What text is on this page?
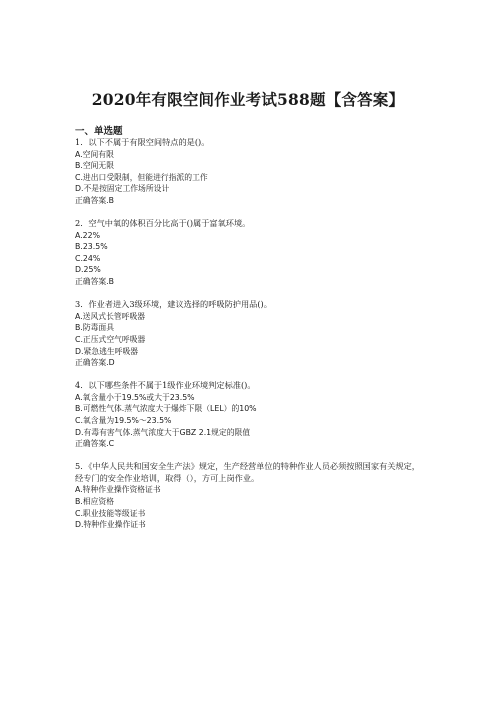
2020年有限空间作业考试588题【含答案】
一、单选题
1．以下不属于有限空间特点的是()。
A.空间有限
B.空间无限
C.进出口受限制，但能进行指派的工作
D.不是按固定工作场所设计
正确答案.B
2．空气中氧的体积百分比高于()属于富氧环境。
A.22%
B.23.5%
C.24%
D.25%
正确答案.B
3．作业者进入3级环境，建议选择的呼吸防护用品()。
A.送风式长管呼吸器
B.防毒面具
C.正压式空气呼吸器
D.紧急逃生呼吸器
正确答案.D
4．以下哪些条件不属于1级作业环境判定标准()。
A.氧含量小于19.5%或大于23.5%
B.可燃性气体.蒸气浓度大于爆炸下限（LEL）的10%
C.氧含量为19.5%～23.5%
D.有毒有害气体.蒸气浓度大于GBZ 2.1规定的限值
正确答案.C
5．《中华人民共和国安全生产法》规定，生产经营单位的特种作业人员必须按照国家有关规定，经专门的安全作业培训，取得（），方可上岗作业。
A.特种作业操作资格证书
B.相应资格
C.职业技能等级证书
D.特种作业操作证书
